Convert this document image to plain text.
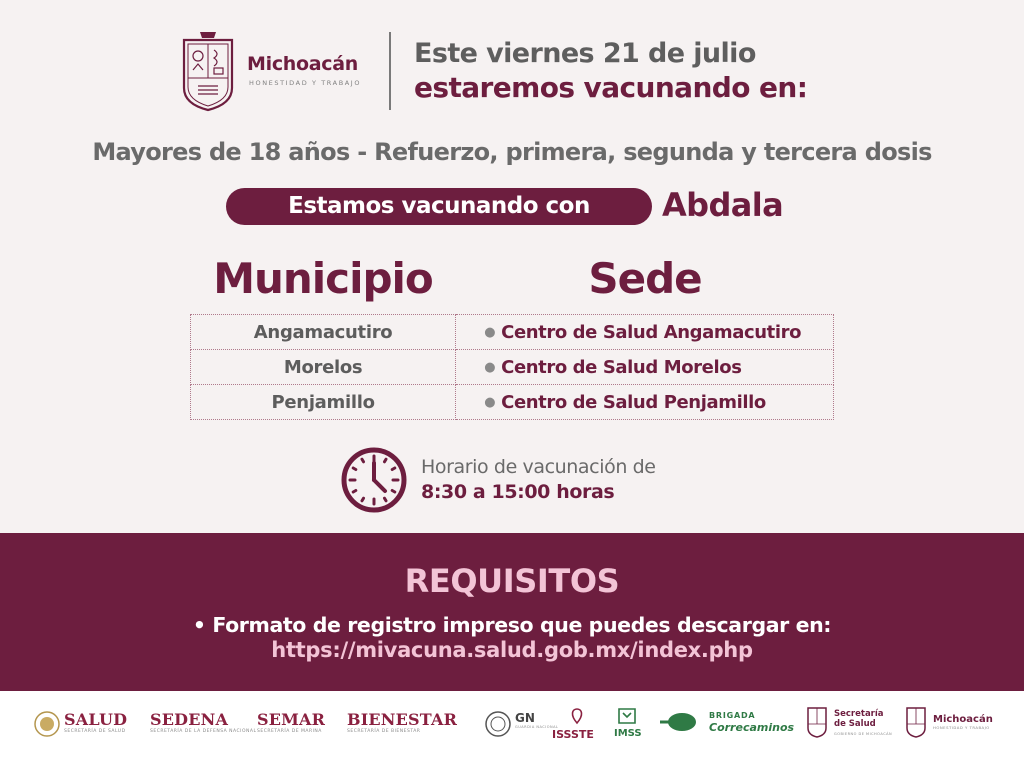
Michoacán
HONESTIDAD Y TRABAJO
Este viernes 21 de julio
estaremos vacunando en:
Mayores de 18 años - Refuerzo, primera, segunda y tercera dosis
Estamos vacunando con	Abdala
Municipio	Sede
Angamacutiro	● Centro de Salud Angamacutiro
Morelos	● Centro de Salud Morelos
Penjamillo	● Centro de Salud Penjamillo
Horario de vacunación de
8:30 a 15:00 horas
REQUISITOS
• Formato de registro impreso que puedes descargar en:
https://mivacuna.salud.gob.mx/index.php
SALUD
SECRETARÍA DE SALUD
SEDENA
SECRETARÍA DE LA DEFENSA NACIONAL
SEMAR
SECRETARÍA DE MARINA
BIENESTAR
SECRETARÍA DE BIENESTAR
GN
GUARDIA NACIONAL
ISSSTE IMSS
BRIGADA
Correcaminos
Secretaría
de Salud
GOBIERNO DE MICHOACÁN
Michoacán
HONESTIDAD Y TRABAJO
